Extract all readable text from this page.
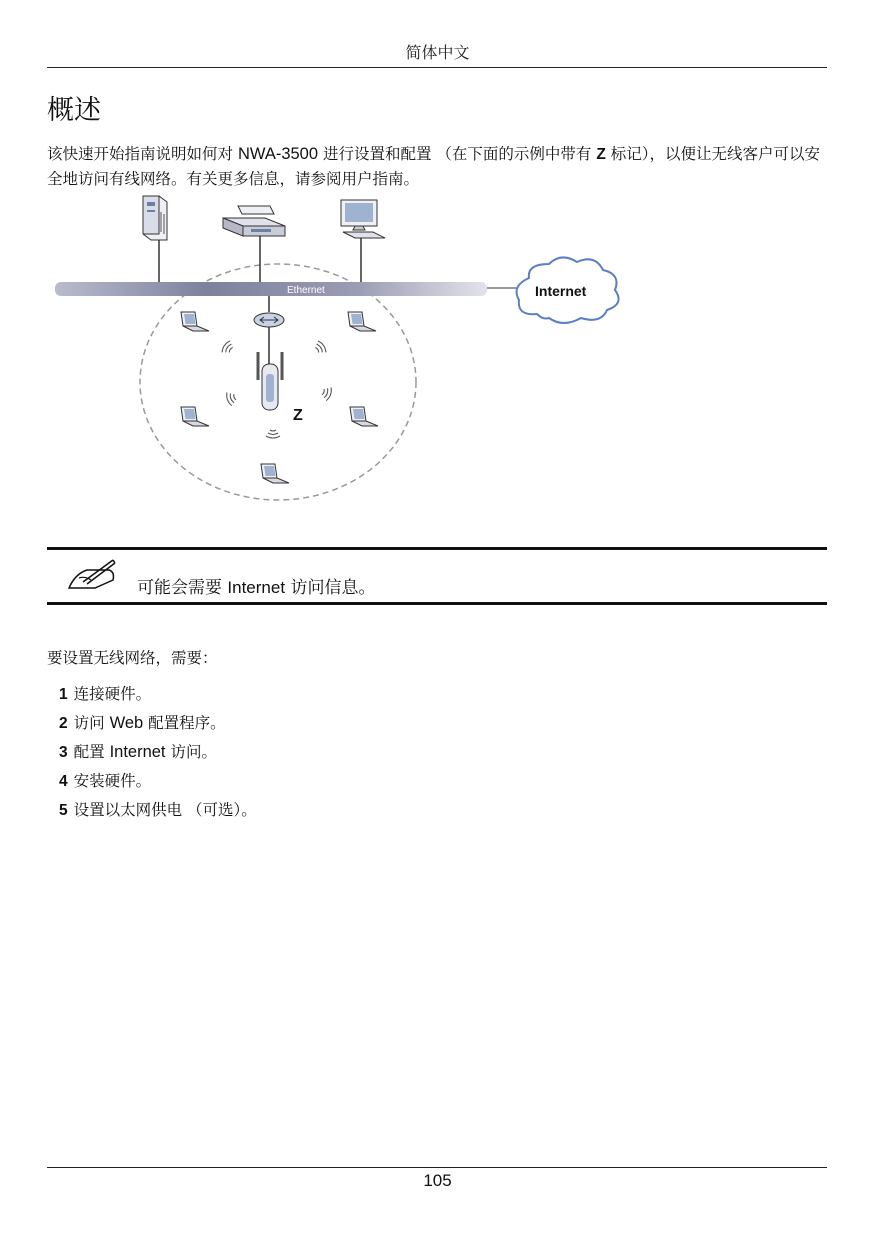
简体中文
概述

该快速开始指南说明如何对 NWA-3500 进行设置和配置 （在下面的示例中带有 Z 标记），以便让无线客户可以安全地访问有线网络。有关更多信息，请参阅用户指南。

Ethernet
Z
Internet
可能会需要 Internet 访问信息。

要设置无线网络，需要：

1 连接硬件。
2 访问 Web 配置程序。
3 配置 Internet 访问。
4 安装硬件。
5 设置以太网供电 （可选）。
105
